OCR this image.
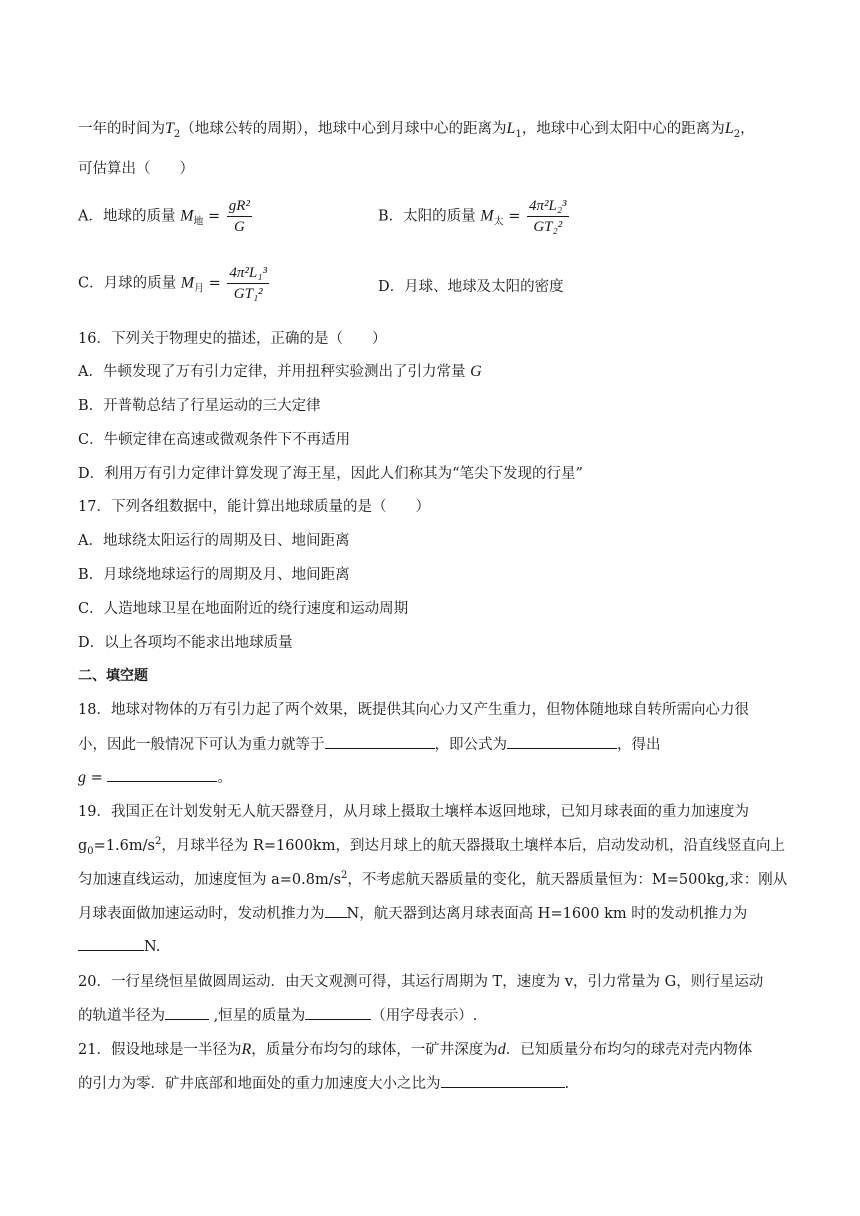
一年的时间为$T_2$（地球公转的周期），地球中心到月球中心的距离为$L_1$，地球中心到太阳中心的距离为$L_2$，
可估算出（　　）
A．地球的质量 $M_地 = \frac{\text{gR²}}{G}$	B．太阳的质量 $M_太 = \frac{\text{4π²L₂³}}{\text{GT₂²}}$
C．月球的质量 $M_月 = \frac{\text{4π²L₁³}}{\text{GT₁²}}$	D．月球、地球及太阳的密度
16．下列关于物理史的描述，正确的是（　　）
A．牛顿发现了万有引力定律，并用扭秤实验测出了引力常量 G
B．开普勒总结了行星运动的三大定律
C．牛顿定律在高速或微观条件下不再适用
D．利用万有引力定律计算发现了海王星，因此人们称其为“笔尖下发现的行星”
17．下列各组数据中，能计算出地球质量的是（　　）
A．地球绕太阳运行的周期及日、地间距离
B．月球绕地球运行的周期及月、地间距离
C．人造地球卫星在地面附近的绕行速度和运动周期
D．以上各项均不能求出地球质量
二、填空题
18．地球对物体的万有引力起了两个效果，既提供其向心力又产生重力，但物体随地球自转所需向心力很
小，因此一般情况下可认为重力就等于	，即公式为	，得出
g =	。
19．我国正在计划发射无人航天器登月，从月球上摄取土壤样本返回地球，已知月球表面的重力加速度为
$g_0=1.6m/s^2$，月球半径为 R=1600km，到达月球上的航天器摄取土壤样本后，启动发动机，沿直线竖直向上
匀加速直线运动，加速度恒为 $a=0.8m/s^2$，不考虑航天器质量的变化，航天器质量恒为：M=500kg,求：刚从
月球表面做加速运动时，发动机推力为 N，航天器到达离月球表面高 H=1600 km 时的发动机推力为
N.
20．一行星绕恒星做圆周运动．由天文观测可得，其运行周期为 T，速度为 v，引力常量为 G，则行星运动
的轨道半径为	,恒星的质量为	（用字母表示）.
21．假设地球是一半径为R，质量分布均匀的球体，一矿井深度为d．已知质量分布均匀的球壳对壳内物体
的引力为零．矿井底部和地面处的重力加速度大小之比为	.
